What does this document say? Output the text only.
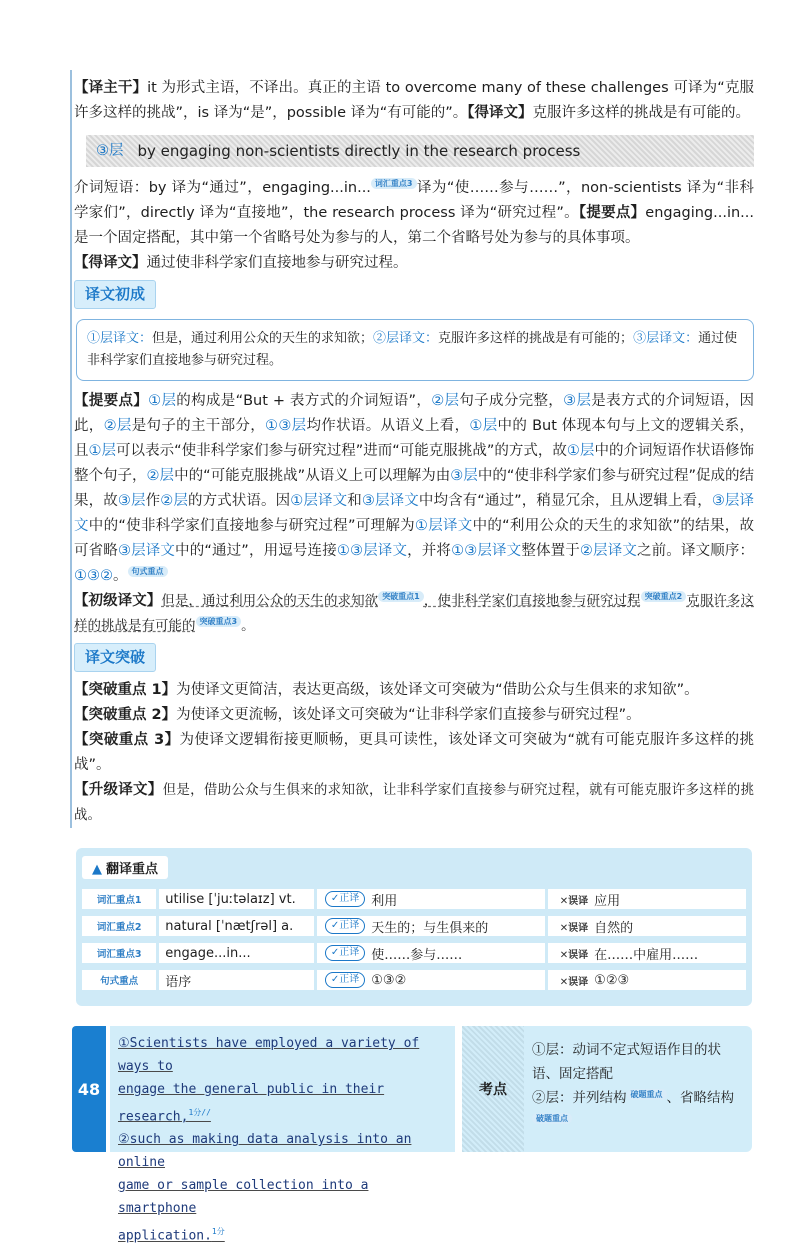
【译主干】it 为形式主语，不译出。真正的主语 to overcome many of these challenges 可译为“克服许多这样的挑战”，is 译为“是”，possible 译为“有可能的”。【得译文】克服许多这样的挑战是有可能的。

③层 by engaging non-scientists directly in the research process

介词短语：by 译为“通过”，engaging...in... 词汇重点3 译为“使……参与……”，non-scientists 译为“非科学家们”，directly 译为“直接地”，the research process 译为“研究过程”。【提要点】engaging...in... 是一个固定搭配，其中第一个省略号处为参与的人，第二个省略号处为参与的具体事项。
【得译文】通过使非科学家们直接地参与研究过程。

译文初成
①层译文：但是，通过利用公众的天生的求知欲；②层译文：克服许多这样的挑战是有可能的；③层译文：通过使非科学家们直接地参与研究过程。

【提要点】①层的构成是“But + 表方式的介词短语”，②层句子成分完整，③层是表方式的介词短语，因此，②层是句子的主干部分，①③层均作状语。从语义上看，①层中的 But 体现本句与上文的逻辑关系，且①层可以表示“使非科学家们参与研究过程”进而“可能克服挑战”的方式，故①层中的介词短语作状语修饰整个句子，②层中的“可能克服挑战”从语义上可以理解为由③层中的“使非科学家们参与研究过程”促成的结果，故③层作②层的方式状语。因①层译文和③层译文中均含有“通过”，稍显冗余，且从逻辑上看，③层译文中的“使非科学家们直接地参与研究过程”可理解为①层译文中的“利用公众的天生的求知欲”的结果，故可省略③层译文中的“通过”，用逗号连接①③层译文，并将①③层译文整体置于②层译文之前。译文顺序：①③②。 句式重点

【初级译文】但是，通过利用公众的天生的求知欲 突破重点1 ，使非科学家们直接地参与研究过程 突破重点2 克服许多这样的挑战是有可能的 突破重点3 。

译文突破

【突破重点 1】为使译文更简洁，表达更高级，该处译文可突破为“借助公众与生俱来的求知欲”。

【突破重点 2】为使译文更流畅，该处译文可突破为“让非科学家们直接参与研究过程”。

【突破重点 3】为使译文逻辑衔接更顺畅，更具可读性，该处译文可突破为“就有可能克服许多这样的挑战”。

【升级译文】但是，借助公众与生俱来的求知欲，让非科学家们直接参与研究过程，就有可能克服许多这样的挑战。

▲ 翻译重点
词汇重点1	utilise [ˈjuːtəlaɪz] vt.	✓正译 利用	✕误译 应用
词汇重点2	natural [ˈnætʃrəl] a.	✓正译 天生的；与生俱来的	✕误译 自然的
词汇重点3	engage...in...	✓正译 使……参与……	✕误译 在……中雇用……
句式重点	语序	✓正译 ①③②	✕误译 ①②③
48

①Scientists have employed a variety of ways to

engage the general public in their research,$^{1分//}$

②such as making data analysis into an online

game or sample collection into a smartphone

application.$^{1分}$

考点
①层：动词不定式短语作目的状语、固定搭配
②层：并列结构 破题重点 、省略结构破题重点
